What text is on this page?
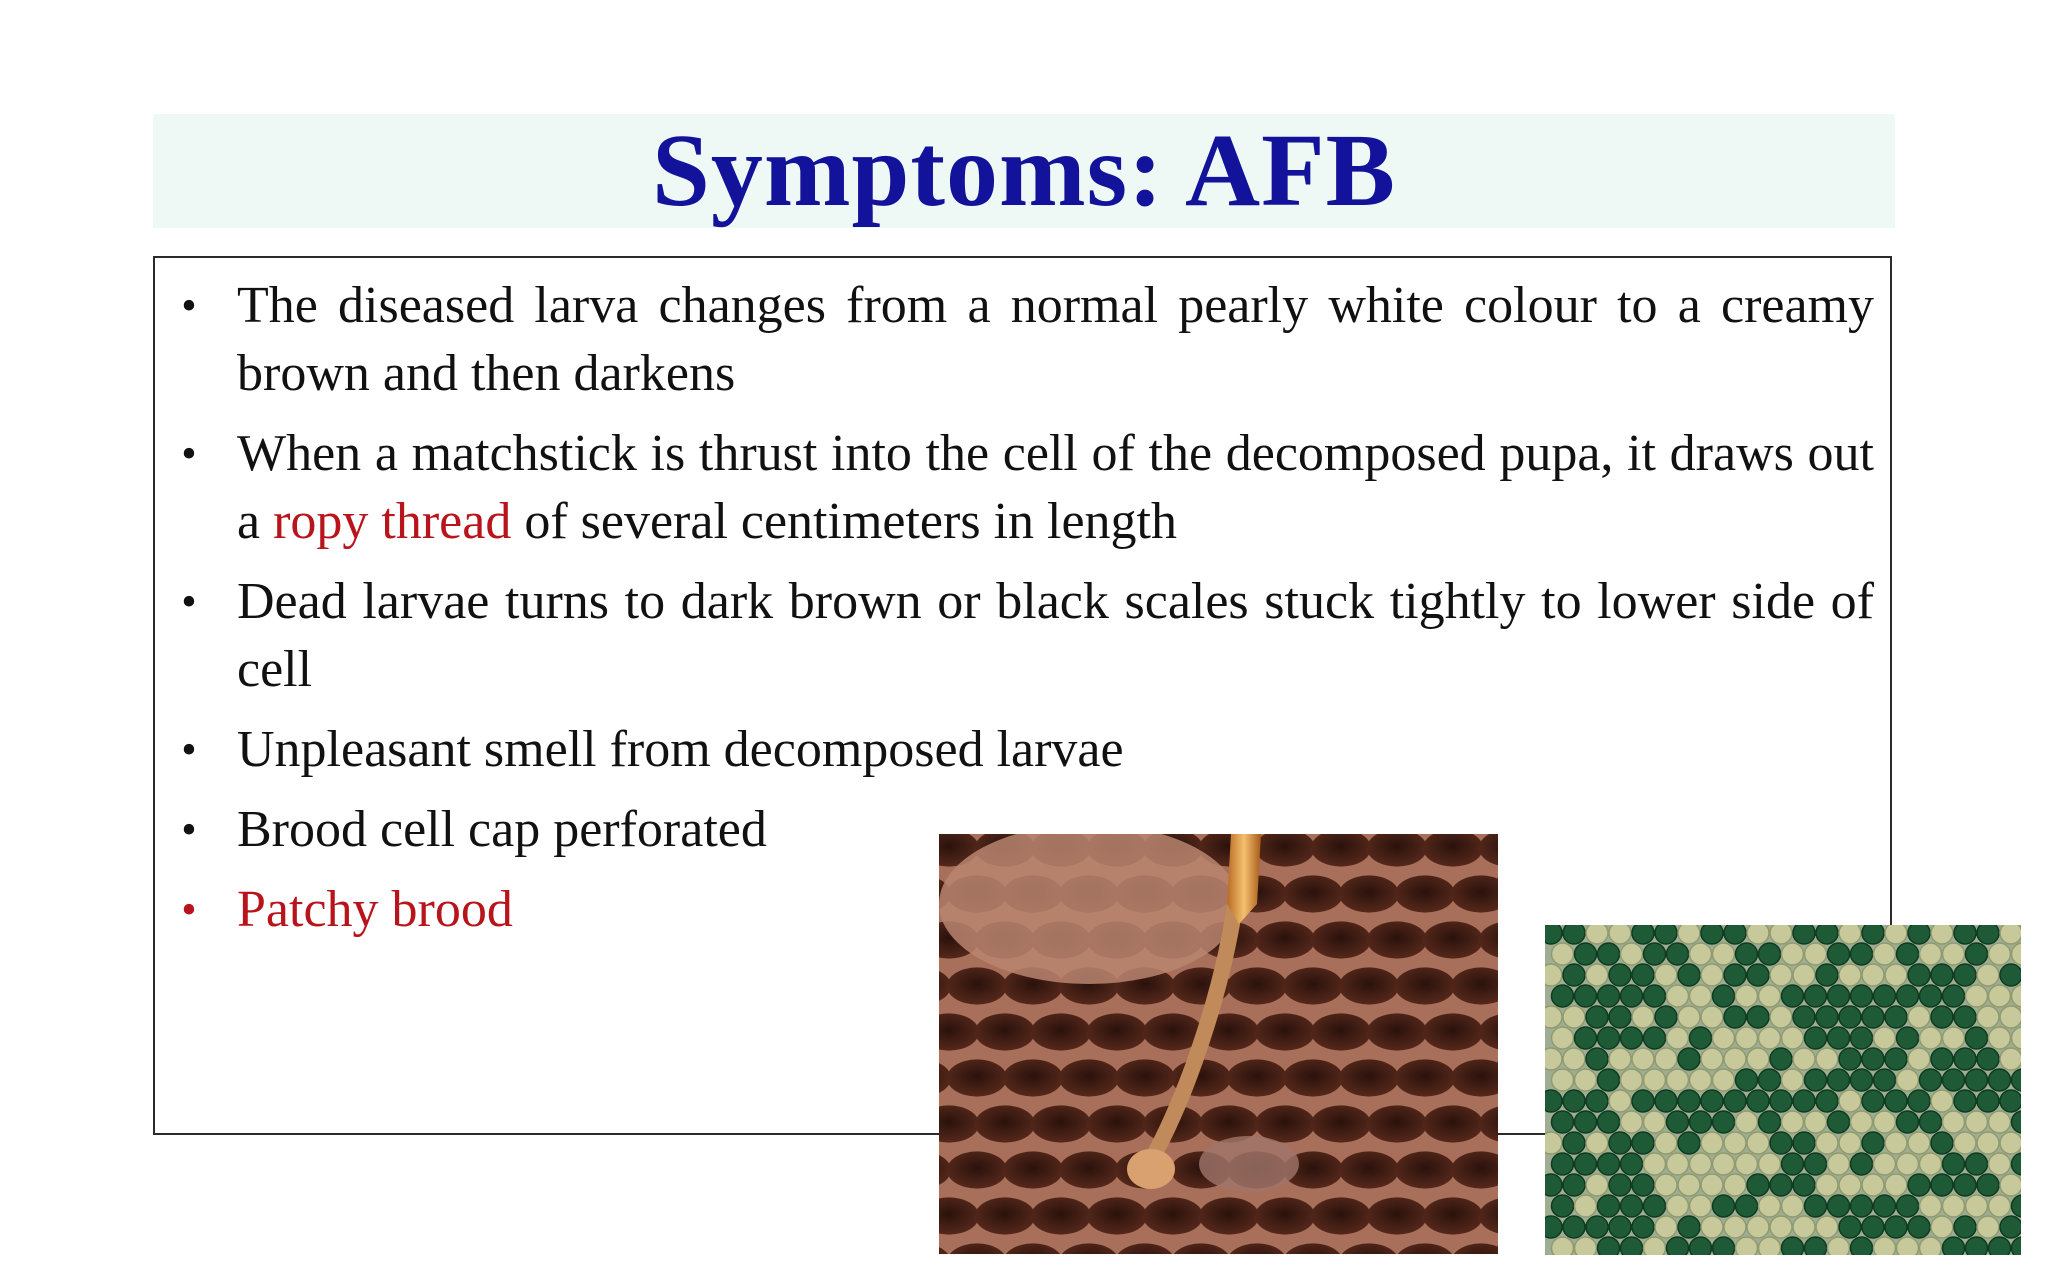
Symptoms: AFB
• The diseased larva changes from a normal pearly white colour to a creamy brown and then darkens
• When a matchstick is thrust into the cell of the decomposed pupa, it draws out a ropy thread of several centimeters in length
• Dead larvae turns to dark brown or black scales stuck tightly to lower side of cell
• Unpleasant smell from decomposed larvae
• Brood cell cap perforated
• Patchy brood
